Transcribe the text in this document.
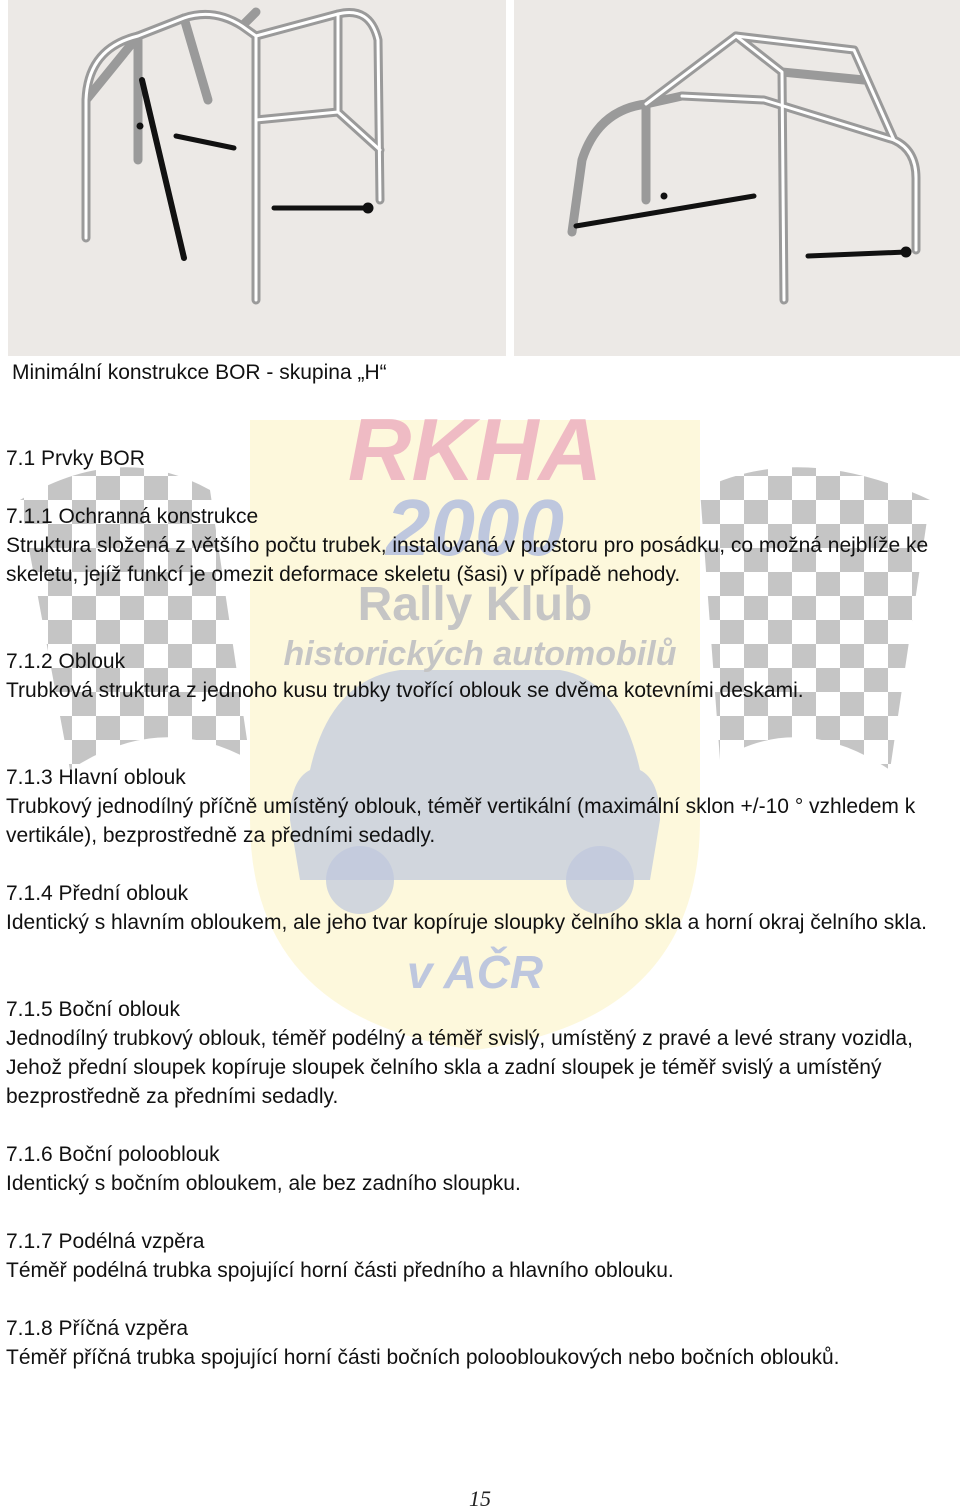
RKHA
2000
Rally Klub
historických automobilů
v AČR

Minimální konstrukce BOR - skupina „H“

7.1 Prvky BOR

7.1.1 Ochranná konstrukce
Struktura složená z většího počtu trubek, instalovaná v prostoru pro posádku, co možná nejblíže ke skeletu, jejíž funkcí je omezit deformace skeletu (šasi) v případě nehody.
7.1.2 Oblouk
Trubková struktura z jednoho kusu trubky tvořící oblouk se dvěma kotevními deskami.
7.1.3 Hlavní oblouk
Trubkový jednodílný příčně umístěný oblouk, téměř vertikální (maximální sklon +/-10 ° vzhledem k vertikále), bezprostředně za předními sedadly.
7.1.4 Přední oblouk
Identický s hlavním obloukem, ale jeho tvar kopíruje sloupky čelního skla a horní okraj čelního skla.
7.1.5 Boční oblouk
Jednodílný trubkový oblouk, téměř podélný a téměř svislý, umístěný z pravé a levé strany vozidla, Jehož přední sloupek kopíruje sloupek čelního skla a zadní sloupek je téměř svislý a umístěný bezprostředně za předními sedadly.
7.1.6 Boční polooblouk
Identický s bočním obloukem, ale bez zadního sloupku.
7.1.7 Podélná vzpěra
Téměř podélná trubka spojující horní části předního a hlavního oblouku.
7.1.8 Příčná vzpěra
Téměř příčná trubka spojující horní části bočních poloobloukových nebo bočních oblouků.
15
